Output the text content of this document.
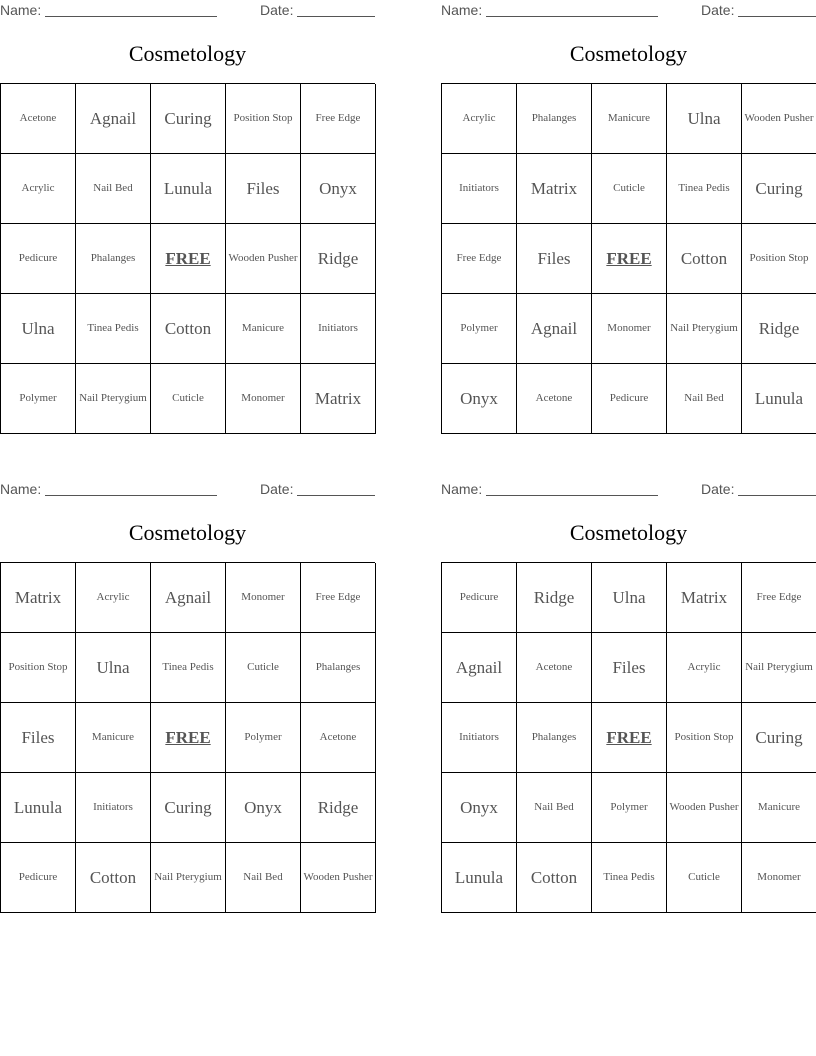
Name:	Date:
Cosmetology
Acetone	Agnail	Curing	Position Stop	Free Edge
Acrylic	Nail Bed	Lunula	Files	Onyx
Pedicure	Phalanges	FREE	Wooden Pusher	Ridge
Ulna	Tinea Pedis	Cotton	Manicure	Initiators
Polymer	Nail Pterygium	Cuticle	Monomer	Matrix
Name:	Date:
Cosmetology
Acrylic	Phalanges	Manicure	Ulna	Wooden Pusher
Initiators	Matrix	Cuticle	Tinea Pedis	Curing
Free Edge	Files	FREE	Cotton	Position Stop
Polymer	Agnail	Monomer	Nail Pterygium	Ridge
Onyx	Acetone	Pedicure	Nail Bed	Lunula
Name:	Date:
Cosmetology
Matrix	Acrylic	Agnail	Monomer	Free Edge
Position Stop	Ulna	Tinea Pedis	Cuticle	Phalanges
Files	Manicure	FREE	Polymer	Acetone
Lunula	Initiators	Curing	Onyx	Ridge
Pedicure	Cotton	Nail Pterygium	Nail Bed	Wooden Pusher
Name:	Date:
Cosmetology
Pedicure	Ridge	Ulna	Matrix	Free Edge
Agnail	Acetone	Files	Acrylic	Nail Pterygium
Initiators	Phalanges	FREE	Position Stop	Curing
Onyx	Nail Bed	Polymer	Wooden Pusher	Manicure
Lunula	Cotton	Tinea Pedis	Cuticle	Monomer
